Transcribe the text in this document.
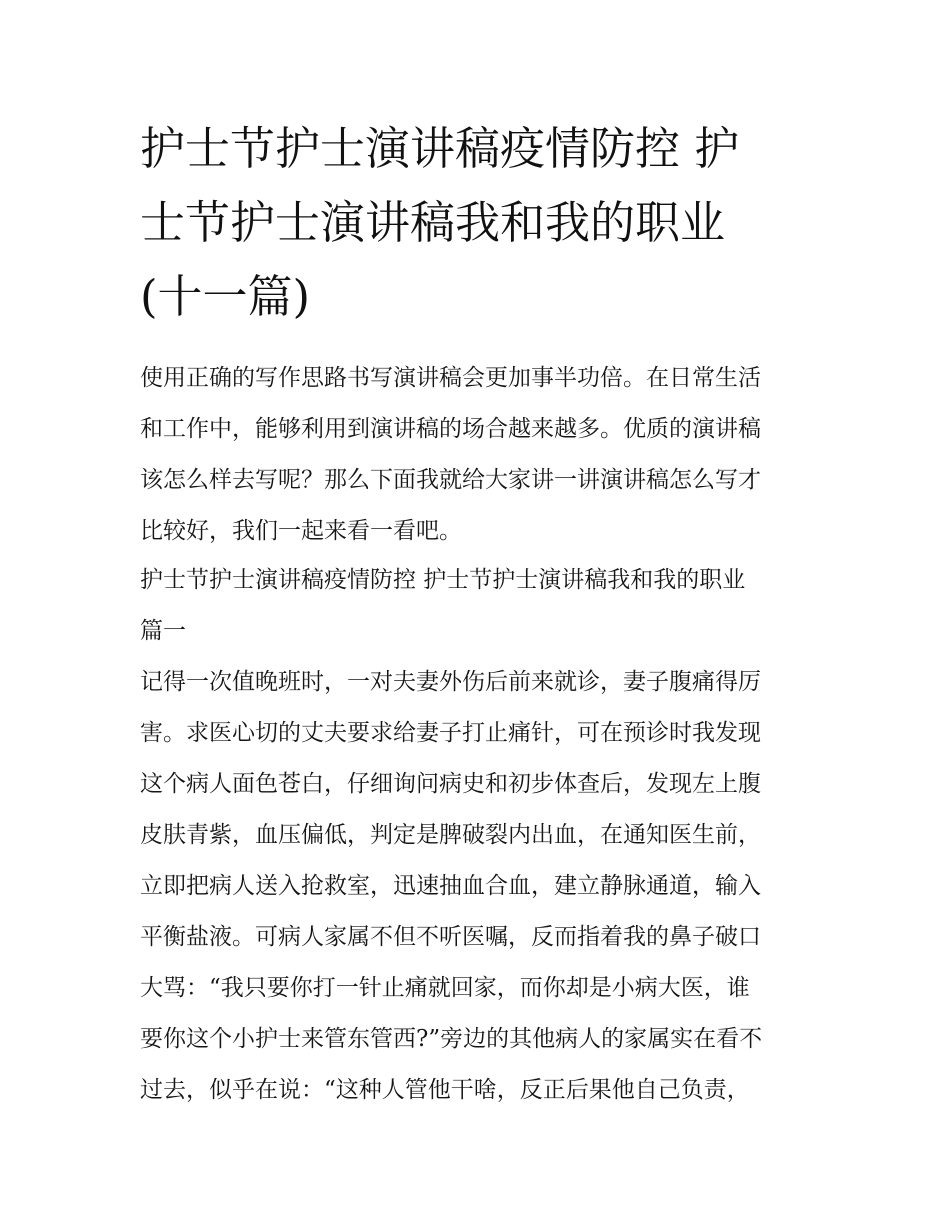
护士节护士演讲稿疫情防控 护
士节护士演讲稿我和我的职业
(十一篇)

使用正确的写作思路书写演讲稿会更加事半功倍。在日常生活
和工作中，能够利用到演讲稿的场合越来越多。优质的演讲稿
该怎么样去写呢？那么下面我就给大家讲一讲演讲稿怎么写才
比较好，我们一起来看一看吧。

护士节护士演讲稿疫情防控 护士节护士演讲稿我和我的职业
篇一

记得一次值晚班时，一对夫妻外伤后前来就诊，妻子腹痛得厉
害。求医心切的丈夫要求给妻子打止痛针，可在预诊时我发现
这个病人面色苍白，仔细询问病史和初步体查后，发现左上腹
皮肤青紫，血压偏低，判定是脾破裂内出血，在通知医生前，
立即把病人送入抢救室，迅速抽血合血，建立静脉通道，输入
平衡盐液。可病人家属不但不听医嘱，反而指着我的鼻子破口
大骂：“我只要你打一针止痛就回家，而你却是小病大医，谁
要你这个小护士来管东管西?”旁边的其他病人的家属实在看不
过去，似乎在说：“这种人管他干啥，反正后果他自己负责，
